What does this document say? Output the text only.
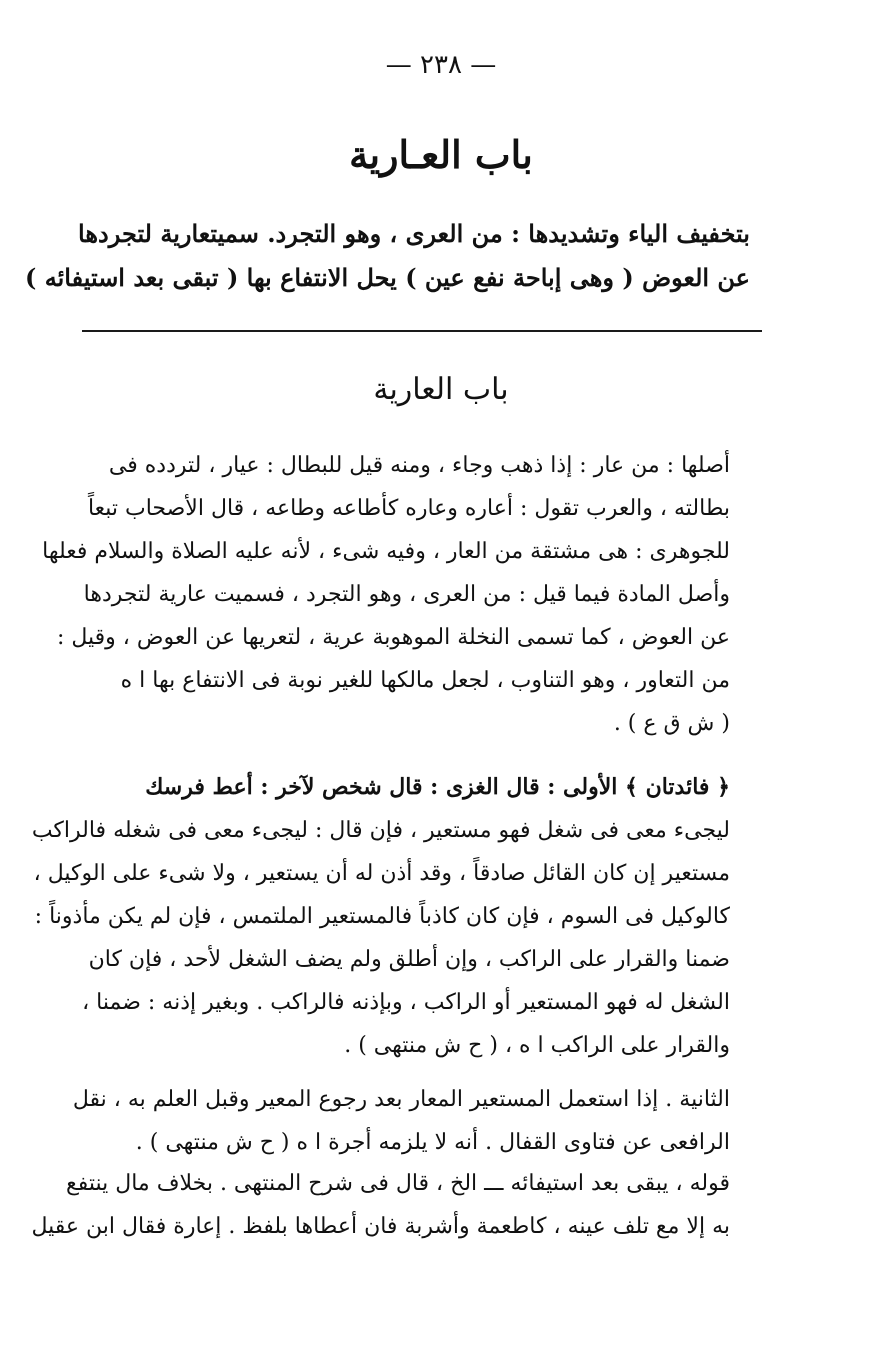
— ٢٣٨ —
باب العـارية
بتخفيف الياء وتشديدها : من العرى ، وهو التجرد. سميتعارية لتجردها
عن العوض ( وهى إباحة نفع عين ) يحل الانتفاع بها ( تبقى بعد استيفائه )
باب العارية
أصلها : من عار : إذا ذهب وجاء ، ومنه قيل للبطال : عيار ، لتردده فى
بطالته ، والعرب تقول : أعاره وعاره كأطاعه وطاعه ، قال الأصحاب تبعاً
للجوهرى : هى مشتقة من العار ، وفيه شىء ، لأنه عليه الصلاة والسلام فعلها
وأصل المادة فيما قيل : من العرى ، وهو التجرد ، فسميت عارية لتجردها
عن العوض ، كما تسمى النخلة الموهوبة عرية ، لتعريها عن العوض ، وقيل :
من التعاور ، وهو التناوب ، لجعل مالكها للغير نوبة فى الانتفاع بها ا ه
( ش ق ع ) .
﴿ فائدتان ﴾ الأولى : قال الغزى : قال شخص لآخر : أعط فرسك
ليجىء معى فى شغل فهو مستعير ، فإن قال : ليجىء معى فى شغله فالراكب
مستعير إن كان القائل صادقاً ، وقد أذن له أن يستعير ، ولا شىء على الوكيل ،
كالوكيل فى السوم ، فإن كان كاذباً فالمستعير الملتمس ، فإن لم يكن مأذوناً :
ضمنا والقرار على الراكب ، وإن أطلق ولم يضف الشغل لأحد ، فإن كان
الشغل له فهو المستعير أو الراكب ، وبإذنه فالراكب . وبغير إذنه : ضمنا ،
والقرار على الراكب ا ه ، ( ح ش منتهى ) .
الثانية . إذا استعمل المستعير المعار بعد رجوع المعير وقبل العلم به ، نقل
الرافعى عن فتاوى القفال . أنه لا يلزمه أجرة ا ه ( ح ش منتهى ) .
قوله ، يبقى بعد استيفائه ـــ الخ ، قال فى شرح المنتهى . بخلاف مال ينتفع
به إلا مع تلف عينه ، كاطعمة وأشربة فان أعطاها بلفظ . إعارة فقال ابن عقيل
